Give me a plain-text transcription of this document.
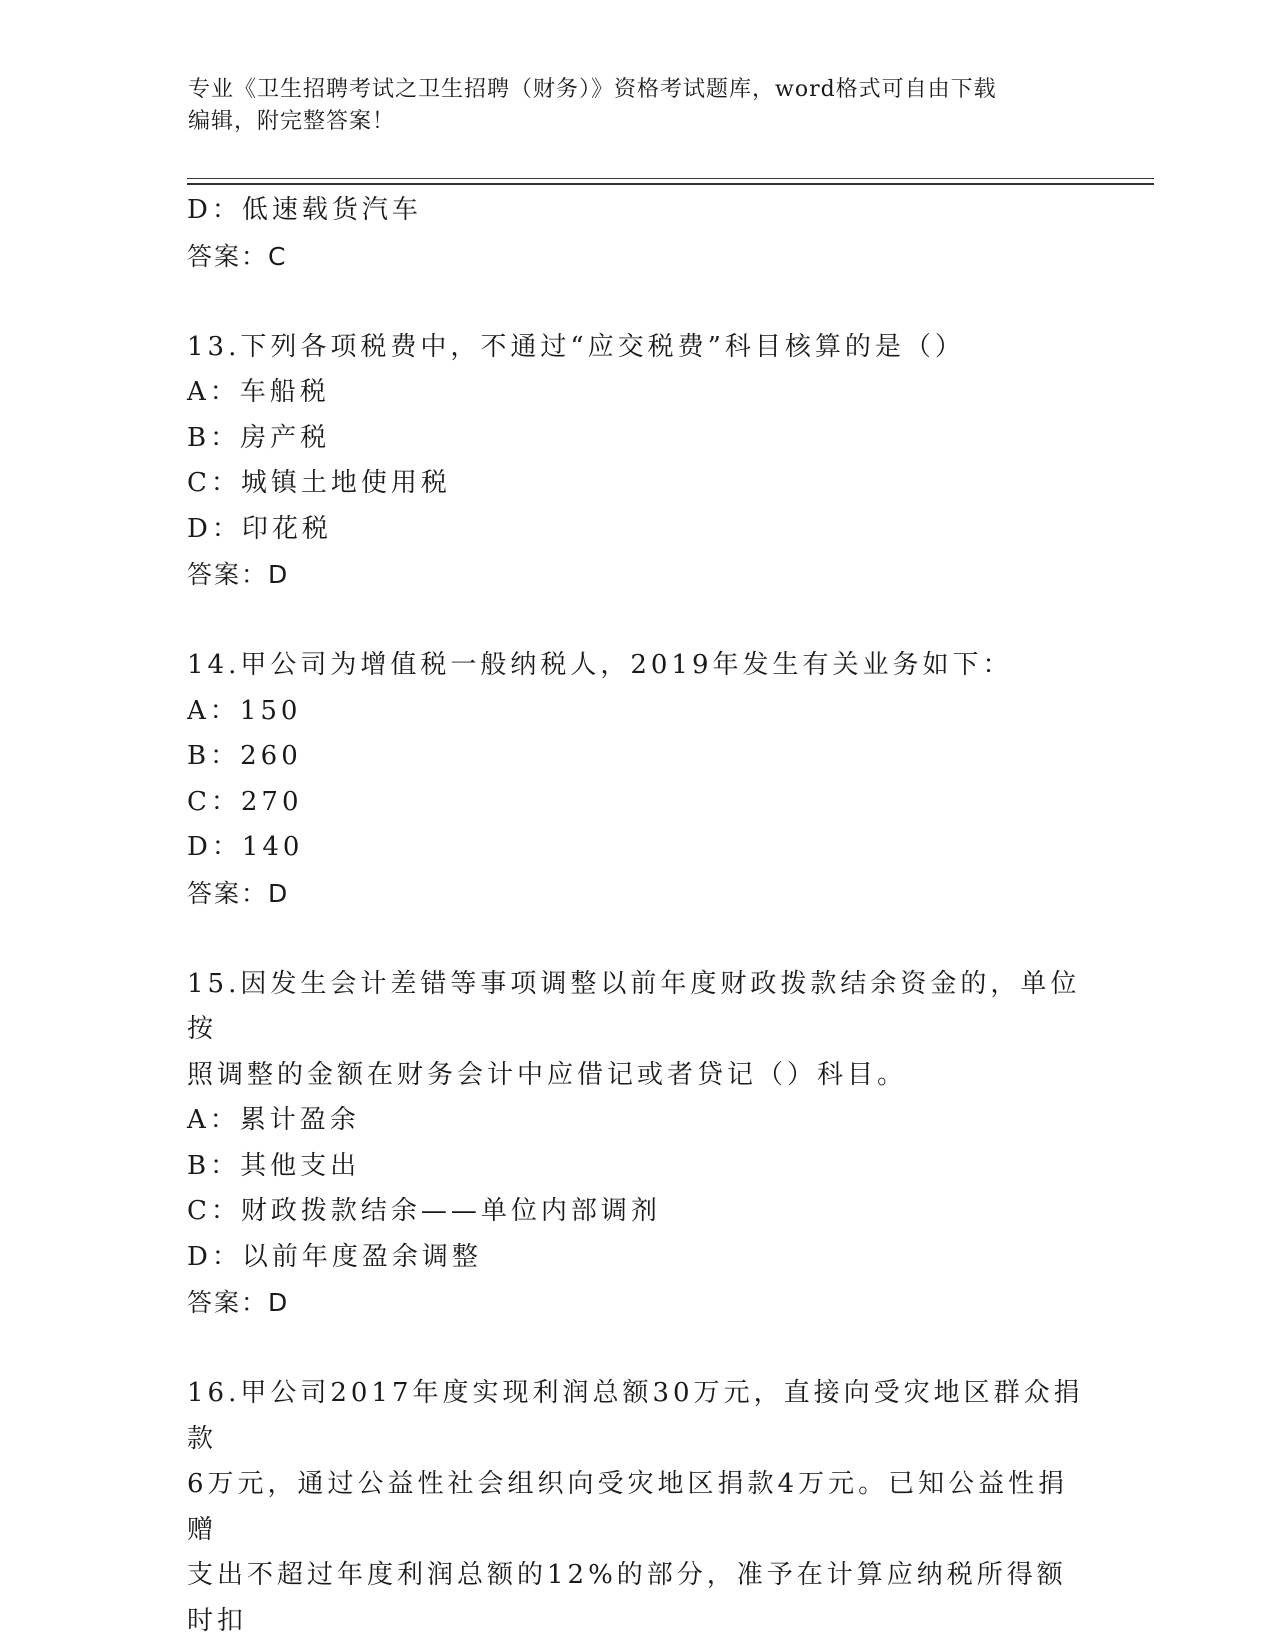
专业《卫生招聘考试之卫生招聘（财务）》资格考试题库，word格式可自由下载
编辑，附完整答案！
D：低速载货汽车
答案：C
13.下列各项税费中，不通过“应交税费”科目核算的是（）
A：车船税
B：房产税
C：城镇土地使用税
D：印花税
答案：D
14.甲公司为增值税一般纳税人，2019年发生有关业务如下：
A：150
B：260
C：270
D：140
答案：D
15.因发生会计差错等事项调整以前年度财政拨款结余资金的，单位按
照调整的金额在财务会计中应借记或者贷记（）科目。
A：累计盈余
B：其他支出
C：财政拨款结余——单位内部调剂
D：以前年度盈余调整
答案：D
16.甲公司2017年度实现利润总额30万元，直接向受灾地区群众捐款
6万元，通过公益性社会组织向受灾地区捐款4万元。已知公益性捐赠
支出不超过年度利润总额的12%的部分，准予在计算应纳税所得额时扣
